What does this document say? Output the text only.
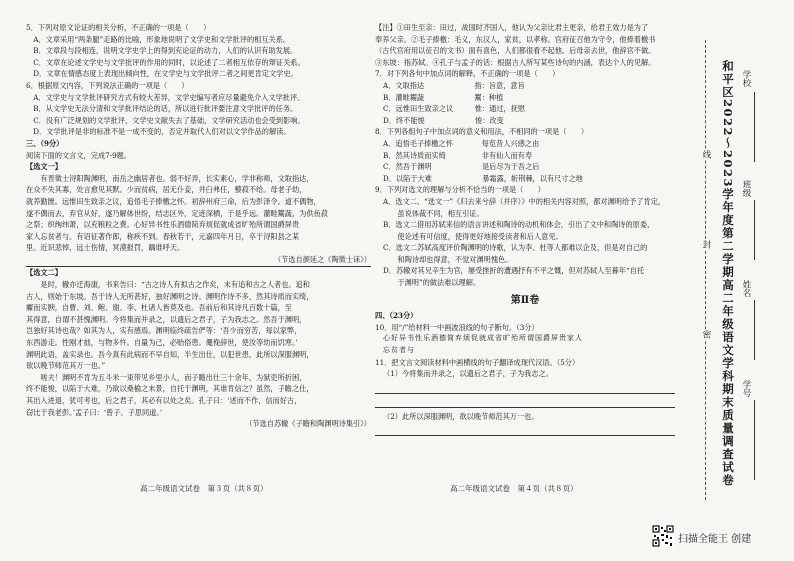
5．下列对原文论证的相关分析，不正确的一项是（　　）
　A．文章采用“两条腿”走路的比喻，形象地说明了文学史和文学批评的相互关系。
　B．文章段与段相连，说明文学史学上的得到充论证的动力，人们的认识有助发展。
　C．文章在论述文学史与文学批评的作用的同时，以论述了二者相互依存的辩证关系。
　D．文章在情感态度上表现出倾向性，在文学史与文学批评二者之间更肯定文学史。
6．根据原文内容，下列说法正确的一项是（　　）
　A．文学史与文学批评研究方式有较大差异，文学史编写者应尽量避免介入文学批评。
　B．从文学史无法分清和文学批评结论的话，所以进行批评要注意文学批评的任务。
　C．没有广泛规划的文学批评，文学史文献失去了基础，文学研究活动也会受到影响。
　D．文学批评是非的标准不是一成不变的，否定并取代人们对以文学作品的解读。
三、（9分）
阅读下面的文言文，完成7-9题。
【选文一】
　　有晋徵士浔阳陶渊明，南岳之幽居者也。弱不好弄，长实素心，学非称师，文取指达，
在众不失其寡，处言愈见其默。少而贫病，居无仆妾，井臼弗任，藜菽不给。母老子幼，
就养勤匮。远惟田生致亲之议，追悟毛子捧檄之怀。初辞州府三命，后为彭泽令。道不偶物，
遂不偶而去，弃官从好，遂乃解体世纷，结志区外，定迹深栖，于是乎远。灌畦鬻蔬，为供鱼菽
之祭；织绚纬萧，以充粮粒之费。心好异书性乐酒德简弃烦促就成省旷殆所谓国爵屏贵
家人忘贫者与。有诏征著作郎，称疾不到。春秋若干，元嘉四年月日，卒于浔阳县之某
里。近识悲悼，远士伤情，冥漠报罚，藕谁呼天。
（节选自颜延之《陶徵士诔》）
【选文二】
　　是时，辙亦迁海康，书来告曰：“古之诗人有拟古之作矣，未有追和古之人者也。追和
古人，则始于东坡。吾于诗人无所甚好，独好渊明之诗。渊明作诗不多，然其诗质而实绮，
癯而实腴，自曹、刘、鲍、谢、李、杜诸人皆莫及也。吾前后和其诗凡百数十篇，至
其得意，自谓不甚愧渊明。今将集而并录之，以遗后之君子，子为我志之。然吾于渊明，
岂独好其诗也哉？如其为人，实有感焉。渊明临终疏告俨等：‘吾少而穷苦，每以家弊，
东西游走。性刚才拙，与物多忤。自量为己，必贻俗患。僶俛辞世，使汝等幼而饥寒。’
渊明此语，盖实录也。吾今真有此病而不早自知，半生出仕，以犯世患，此所以深服渊明，
欲以晚节师范其万一也。”
　　嗟夫！渊明不肯为五斗米一束带见乡里小人，而子瞻出仕三十余年，为狱吏所折困，
终不能悛，以陷于大难，乃欲以桑榆之末景，自托于渊明，其谁肯信之？虽然，子瞻之仕，
其出入进退，犹可考也，后之君子，其必有以处之矣。孔子曰：‘述而不作，信而好古，
窃比于我老彭。’孟子曰：‘曾子、子思同道。’
（节选自苏辙《子瞻和陶渊明诗集引》）
高二年级语文试卷　第３页（共８页）
【注】①田生至亲：田过，战国时齐国人，他认为父亲比君主更亲，给君王效力是为了
奉养父亲。②毛子捧檄：毛义，东汉人，家贫，以孝称。官府征召他为守令，他捧着檄书
（古代官府用以征召的文书）面有喜色，人们都很看不起他。后母亲去世，他辞官不做。
③东坡：指苏轼。④孔子与孟子的话：根据古人所写某些诗句的内涵，表达个人的见解。
7．对下列各句中加点词的解释，不正确的一项是（　　）
A．文取指达　　　　　　　指：旨意，意旨
B．灌畦鬻蔬　　　　　　　鬻：种植
C．远惟田生致亲之议　　　惟：通过，抚慰
D．终不能悛　　　　　　　悛：改变
8．下列各组句子中加点词的意义和用法，不相同的一项是（　　）
A．追悟毛子捧檄之怀　　　　每览昔人兴感之由
B．然其诗质而实绮　　　　　非有仙人而有寿
C．然吾于渊明　　　　　　　是后尽为于吾之后
D．以陷于大难　　　　　　　暴霜露，斩荆棘，以有尺寸之地
9．下列对选文的理解与分析不恰当的一项是（　　）
A．选文二、“选文一”《归去来兮辞（并序）》中的相关内容对照，都对渊明给予了肯定，
　　虽说体裁不同，相互引证。
B．选文二借用苏轼来信的语言讲述和陶诗的动机和体会，引出了文中和陶诗的原委，
　　使论述有可信度，使得更好地接受读者和后人意见。
C．选文二苏轼高度评价陶渊明的诗歌，认为李、杜等人都难以企及，但是对自己的
　　和陶诗却也得意，不觉对渊明愧色。
D．苏辙对其兄辛生为官，屡受挫折的遭遇抒有不平之慨，但对苏轼人至暮年“自托
　　于渊明”的做法难以理解。
第Ⅱ卷
四、（23分）
10．用“/”给材料一中画波浪线的句子断句。（3分）
心好异书性乐酒德简弃烦促就成省旷殆所谓国爵屏贵家人
忘贫者与
11．把文言文阅读材料中画横线的句子翻译成现代汉语。（5分）
（1）今将集而并录之，以遗后之君子，子为我志之。
（2）此所以深服渊明，欲以晚节师范其万一也。
高二年级语文试卷　第４页（共８页）
线
封
密 和平区2022～2023学年度第二学期高二年级语文学科期末质量调查试卷 学校
班级
姓名
学号
扫描全能王 创建
